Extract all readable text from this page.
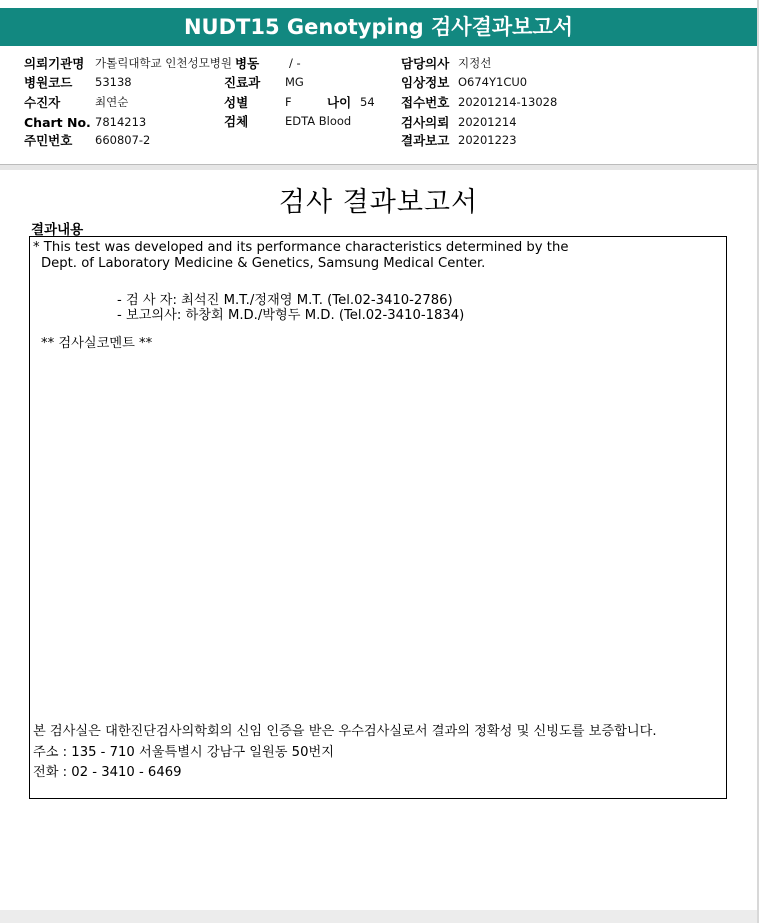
NUDT15 Genotyping 검사결과보고서
의뢰기관명 가톨릭대학교 인천성모병원
병원코드 53138
수진자	최연순
Chart No. 7814213
주민번호 660807-2
병동	/ -
진료과 MG
성별	F	나이 54
검체	EDTA Blood
담당의사 지정선
임상정보 O674Y1CU0
접수번호 20201214-13028
검사의뢰 20201214
결과보고 20201223
검사 결과보고서
결과내용
* This test was developed and its performance characteristics determined by the
Dept. of Laboratory Medicine & Genetics, Samsung Medical Center.
- 검 사 자: 최석진 M.T./정재영 M.T. (Tel.02-3410-2786)
- 보고의사: 하창회 M.D./박형두 M.D. (Tel.02-3410-1834)
** 검사실코멘트 **
본 검사실은 대한진단검사의학회의 신임 인증을 받은 우수검사실로서 결과의 정확성 및 신빙도를 보증합니다.
주소 : 135 - 710 서울특별시 강남구 일원동 50번지
전화 : 02 - 3410 - 6469
